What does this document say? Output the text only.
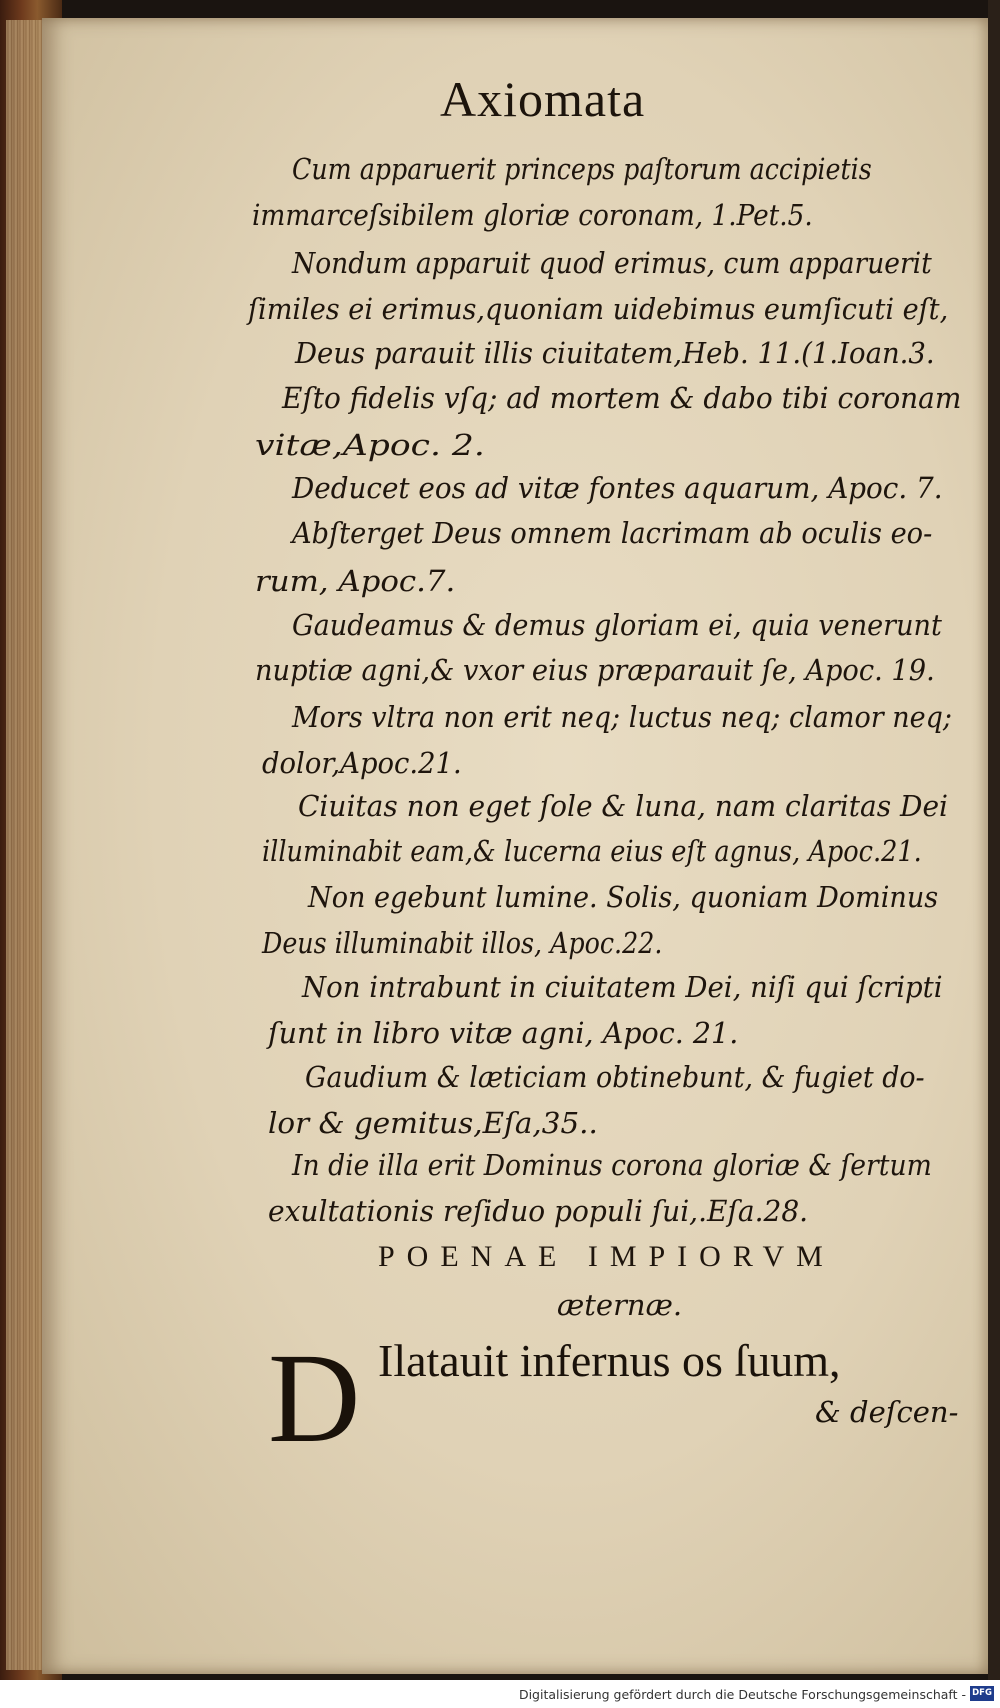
Axiomata
Cum apparuerit princeps paſtorum accipietis
immarceſsibilem gloriæ coronam, 1.Pet.5.
Nondum apparuit quod erimus, cum apparuerit
ſimiles ei erimus,quoniam uidebimus eumſicuti eſt,
Deus parauit illis ciuitatem,Heb. 11.(1.Ioan.3.
Eſto fidelis vſq; ad mortem & dabo tibi coronam
vitæ,Apoc. 2.
Deducet eos ad vitæ fontes aquarum, Apoc. 7.
Abſterget Deus omnem lacrimam ab oculis eo-
rum, Apoc.7.
Gaudeamus & demus gloriam ei, quia venerunt
nuptiæ agni,& vxor eius præparauit ſe, Apoc. 19.
Mors vltra non erit neq; luctus neq; clamor neq;
dolor,Apoc.21.
Ciuitas non eget ſole & luna, nam claritas Dei
illuminabit eam,& lucerna eius eſt agnus, Apoc.21.
Non egebunt lumine. Solis, quoniam Dominus
Deus illuminabit illos, Apoc.22.
Non intrabunt in ciuitatem Dei, niſi qui ſcripti
ſunt in libro vitæ agni, Apoc. 21.
Gaudium & læticiam obtinebunt, & fugiet do-
lor & gemitus,Eſa,35..
In die illa erit Dominus corona gloriæ & ſertum
exultationis reſiduo populi ſui,.Eſa.28.
POENAE IMPIORVM
æternæ.
D Ilatauit infernus os ſuum,
& deſcen-
Digitalisierung gefördert durch die Deutsche Forschungsgemeinschaft - DFG
